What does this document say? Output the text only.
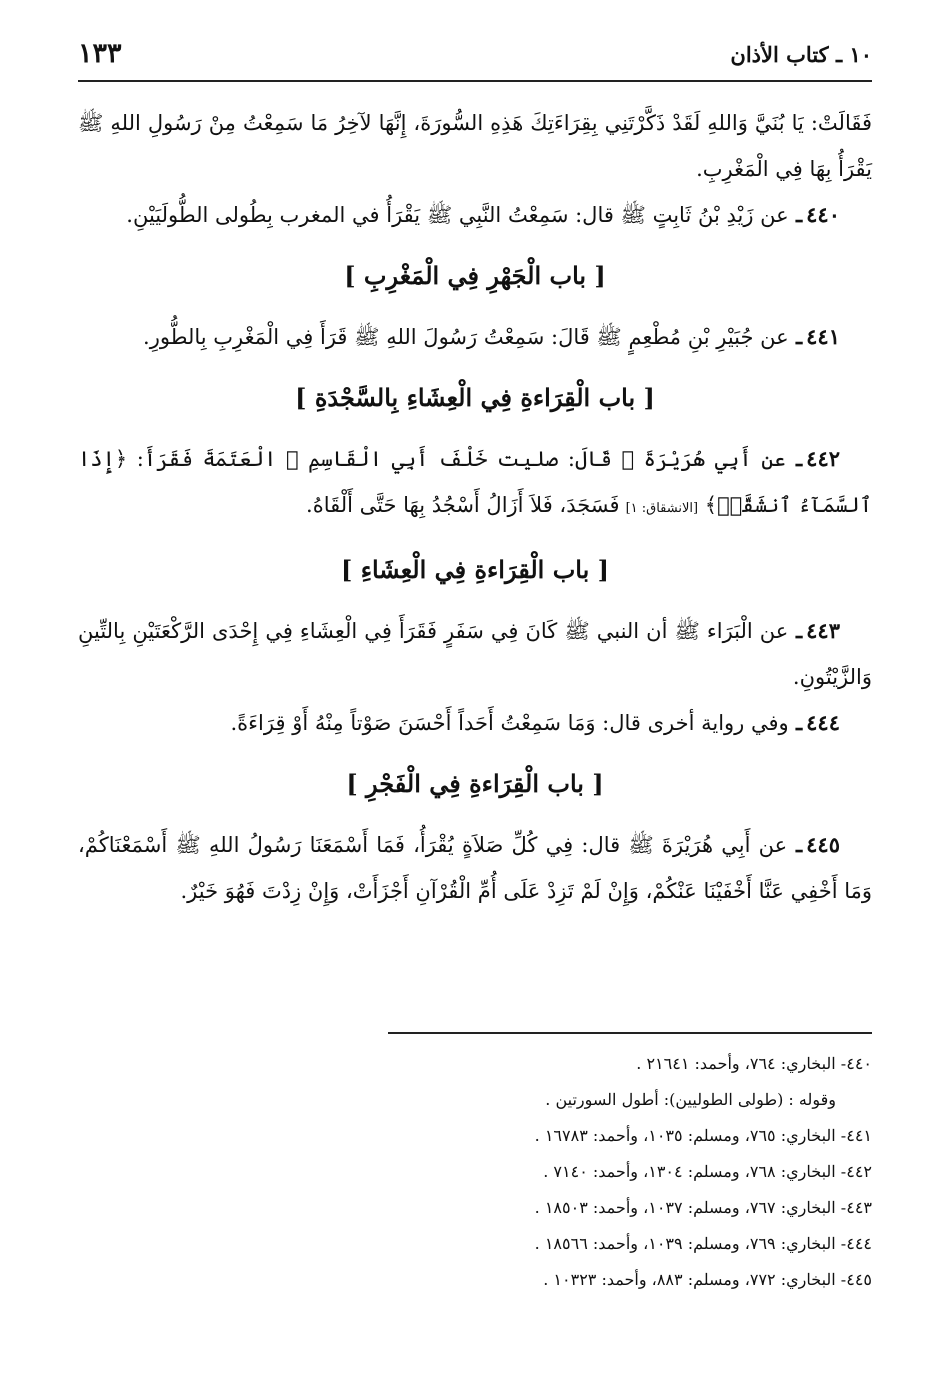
١٠ ـ كتاب الأذان
١٣٣

فَقَالَتْ: يَا بُنَيَّ وَاللهِ لَقَدْ ذَكَّرْتَنِي بِقِرَاءَتِكَ هَذِهِ السُّورَةَ، إِنَّهَا لآخِرُ مَا سَمِعْتُ مِنْ رَسُولِ اللهِ ﷺ يَقْرَأُ بِهَا فِي الْمَغْرِبِ.

٤٤٠ـ عن زَيْدِ بْنُ ثَابِتٍ ﷺ قال: سَمِعْتُ النَّبِي ﷺ يَقْرَأُ في المغرب بِطُولى الطُّولَيَيْنِ.

[ باب الْجَهْرِ فِي الْمَغْرِبِ ]

٤٤١ـ عن جُبَيْرِ بْنِ مُطْعِمٍ ﷺ قَالَ: سَمِعْتُ رَسُولَ اللهِ ﷺ قَرَأَ فِي الْمَغْرِبِ بِالطُّورِ.

[ باب الْقِرَاءةِ فِي الْعِشَاءِ بِالسَّجْدَةِ ]

٤٤٢ـ عن أَبِي هُرَيْرَةَ ﷺ قَالَ: صليت خَلْفَ أَبِي الْقَاسِمِ ﷺ الْعَتَمَةَ فَقَرَأَ: ﴿إِذَا ٱلسَّمَآءُ ٱنشَقَّتۡ﴾ [الانشقاق: ١]فَسَجَدَ، فَلاَ أَزَالُ أَسْجُدُ بِهَا حَتَّى أَلْقَاهُ.

[ باب الْقِرَاءةِ فِي الْعِشَاءِ ]

٤٤٣ـ عن الْبَرَاء ﷺ أن النبي ﷺ كَانَ فِي سَفَرٍ فَقَرَأَ فِي الْعِشَاءِ فِي إِحْدَى الرَّكْعَتَيْنِ بِالتِّينِ وَالزَّيْتُونِ.

٤٤٤ـ وفي رواية أخرى قال: وَمَا سَمِعْتُ أَحَداً أَحْسَنَ صَوْتاً مِنْهُ أَوْ قِرَاءَةً.

[ باب الْقِرَاءةِ فِي الْفَجْرِ ]

٤٤٥ـ عن أَبِي هُرَيْرَةَ ﷺ قال: فِي كُلِّ صَلاَةٍ يُقْرَأُ، فَمَا أَسْمَعَنَا رَسُولُ اللهِ ﷺ أَسْمَعْنَاكُمْ، وَمَا أَخْفِي عَنَّا أَخْفَيْنَا عَنْكُمْ، وَإِنْ لَمْ تَزِدْ عَلَى أُمِّ الْقُرْآنِ أَجْزَأَتْ، وَإِنْ زِدْتَ فَهُوَ خَيْرٌ.

٤٤٠- البخاري: ٧٦٤، وأحمد: ٢١٦٤١ .

وقوله : (طولى الطوليين): أطول السورتين .

٤٤١- البخاري: ٧٦٥، ومسلم: ١٠٣٥، وأحمد: ١٦٧٨٣ .

٤٤٢- البخاري: ٧٦٨، ومسلم: ١٣٠٤، وأحمد: ٧١٤٠ .

٤٤٣- البخاري: ٧٦٧، ومسلم: ١٠٣٧، وأحمد: ١٨٥٠٣ .

٤٤٤- البخاري: ٧٦٩، ومسلم: ١٠٣٩، وأحمد: ١٨٥٦٦ .

٤٤٥- البخاري: ٧٧٢، ومسلم: ٨٨٣، وأحمد: ١٠٣٢٣ .
